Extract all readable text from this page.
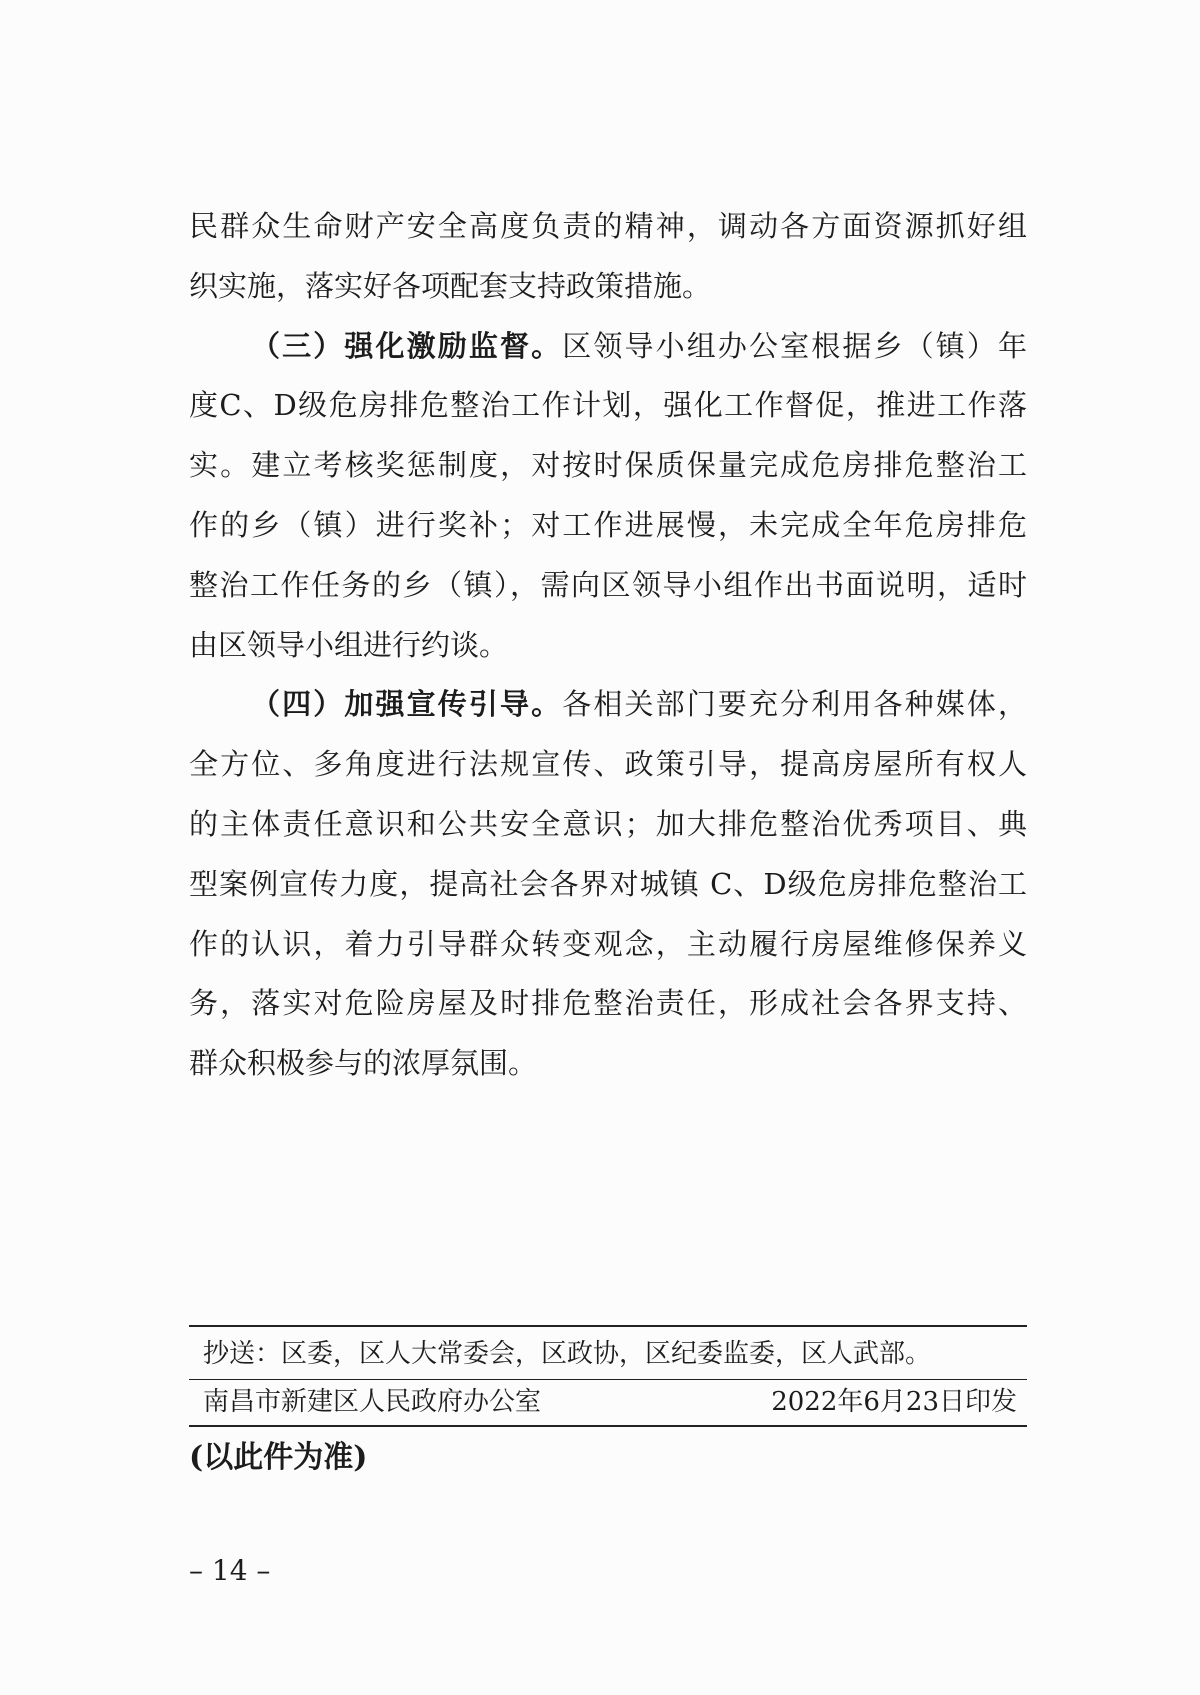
民群众生命财产安全高度负责的精神，调动各方面资源抓好组
织实施，落实好各项配套支持政策措施。
（三）强化激励监督。区领导小组办公室根据乡（镇）年
度C、D级危房排危整治工作计划，强化工作督促，推进工作落
实。建立考核奖惩制度，对按时保质保量完成危房排危整治工
作的乡（镇）进行奖补；对工作进展慢，未完成全年危房排危
整治工作任务的乡（镇），需向区领导小组作出书面说明，适时
由区领导小组进行约谈。
（四）加强宣传引导。各相关部门要充分利用各种媒体，
全方位、多角度进行法规宣传、政策引导，提高房屋所有权人
的主体责任意识和公共安全意识；加大排危整治优秀项目、典
型案例宣传力度，提高社会各界对城镇 C、D级危房排危整治工
作的认识，着力引导群众转变观念，主动履行房屋维修保养义
务，落实对危险房屋及时排危整治责任，形成社会各界支持、
群众积极参与的浓厚氛围。
抄送：区委，区人大常委会，区政协，区纪委监委，区人武部。
南昌市新建区人民政府办公室	2022年6月23日印发
(以此件为准)
– 14 –
